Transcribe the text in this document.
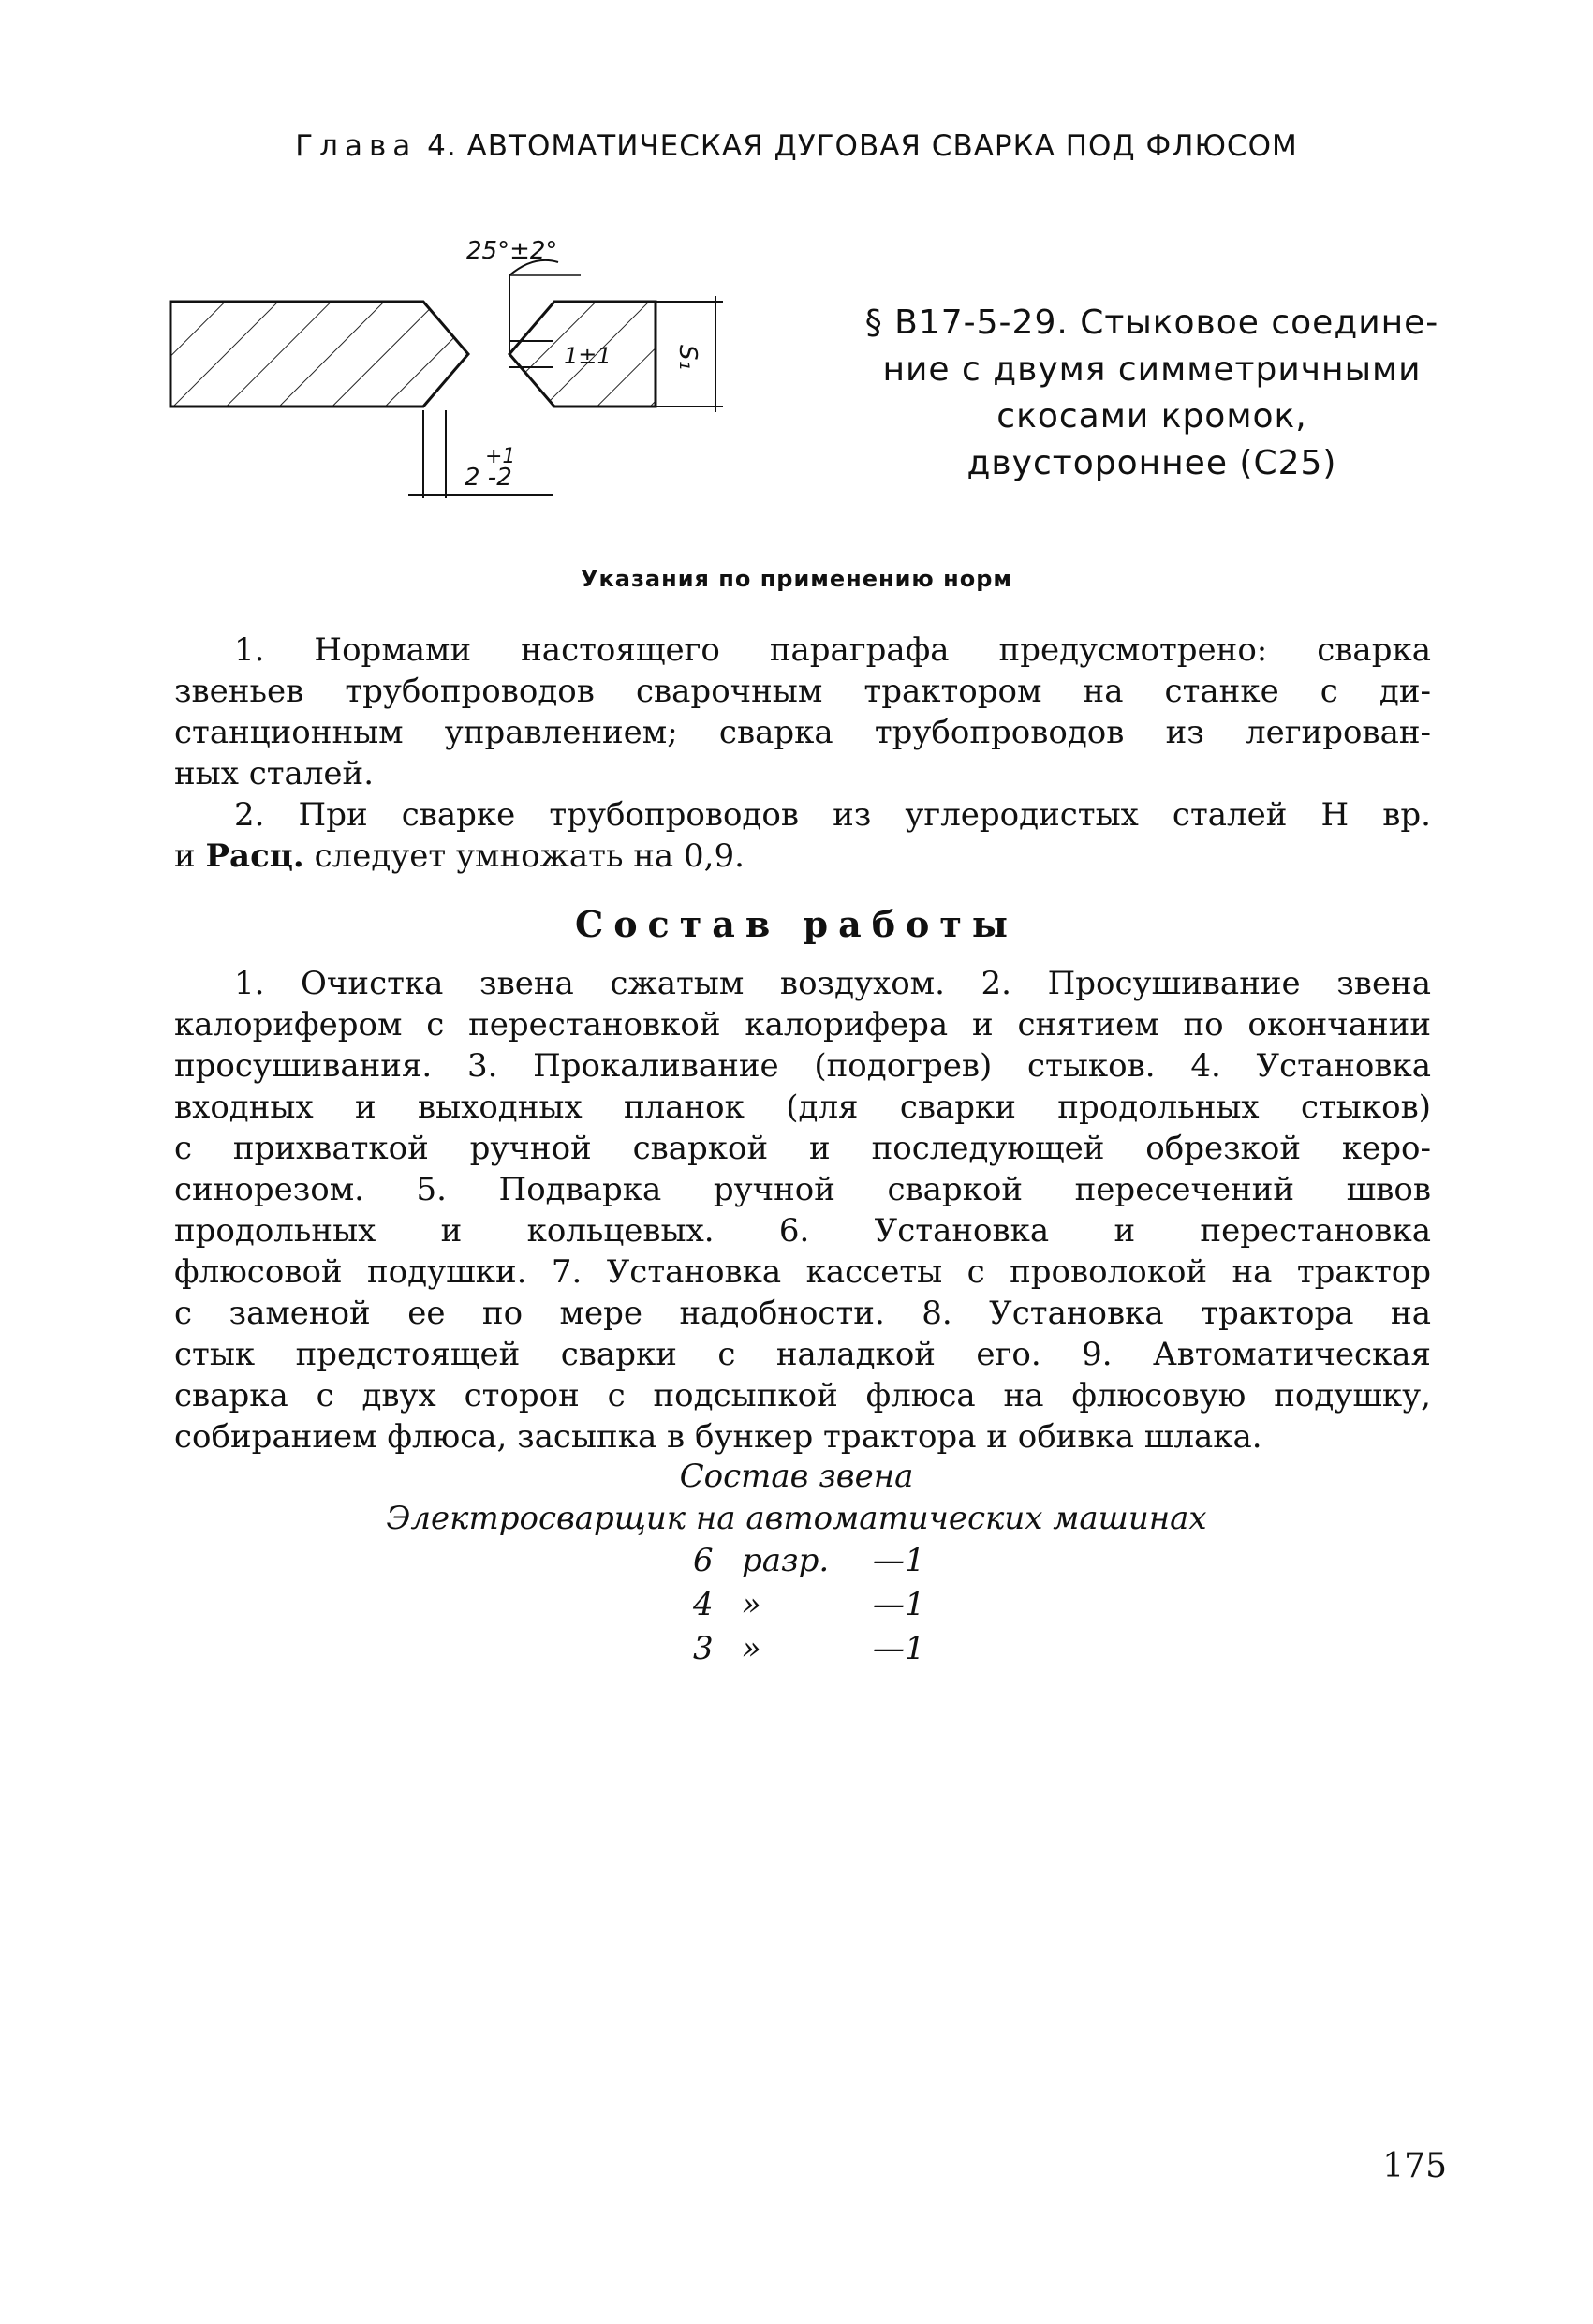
Глава 4. АВТОМАТИЧЕСКАЯ ДУГОВАЯ СВАРКА ПОД ФЛЮСОМ
1±1
25°±2°
S₁
+1
2 -2
§ В17-5-29. Стыковое соедине-
ние с двумя симметричными
скосами кромок,
двустороннее (С25)
Указания по применению норм
1. Нормами настоящего параграфа предусмотрено: сварка
звеньев трубопроводов сварочным трактором на станке с ди-
станционным управлением; сварка трубопроводов из легирован-
ных сталей.
2. При сварке трубопроводов из углеродистых сталей Н вр.
и Расц. следует умножать на 0,9.
Состав работы
1. Очистка звена сжатым воздухом. 2. Просушивание звена
калорифером с перестановкой калорифера и снятием по окончании
просушивания. 3. Прокаливание (подогрев) стыков. 4. Установка
входных и выходных планок (для сварки продольных стыков)
с прихваткой ручной сваркой и последующей обрезкой керо-
синорезом. 5. Подварка ручной сваркой пересечений швов
продольных и кольцевых. 6. Установка и перестановка
флюсовой подушки. 7. Установка кассеты с проволокой на трактор
с заменой ее по мере надобности. 8. Установка трактора на
стык предстоящей сварки с наладкой его. 9. Автоматическая
сварка с двух сторон с подсыпкой флюса на флюсовую подушку,
собиранием флюса, засыпка в бункер трактора и обивка шлака.
Состав звена
Электросварщик на автоматических машинах
6 разр.	—1
4 »	—1
3 »	—1
175
